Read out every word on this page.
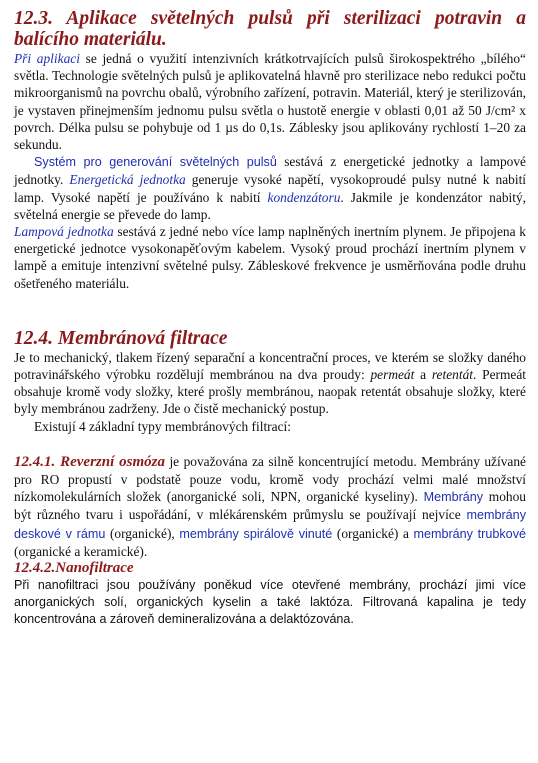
12.3. Aplikace světelných pulsů při sterilizaci potravin a balícího materiálu.

Při aplikaci se jedná o využití intenzivních krátkotrvajících pulsů širokospektrého „bílého“ světla. Technologie světelných pulsů je aplikovatelná hlavně pro sterilizace nebo redukci počtu mikroorganismů na povrchu obalů, výrobního zařízení, potravin. Materiál, který je sterilizován, je vystaven přinejmenším jednomu pulsu světla o hustotě energie v oblasti 0,01 až 50 J/cm² x povrch. Délka pulsu se pohybuje od 1 µs do 0,1s. Záblesky jsou aplikovány rychlostí 1–20 za sekundu.

Systém pro generování světelných pulsů sestává z energetické jednotky a lampové jednotky. Energetická jednotka generuje vysoké napětí, vysokoproudé pulsy nutné k nabití lamp. Vysoké napětí je používáno k nabití kondenzátoru. Jakmile je kondenzátor nabitý, světelná energie se převede do lamp.

Lampová jednotka sestává z jedné nebo více lamp naplněných inertním plynem. Je připojena k energetické jednotce vysokonapěťovým kabelem. Vysoký proud prochází inertním plynem v lampě a emituje intenzivní světelné pulsy. Zábleskové frekvence je usměrňována podle druhu ošetřeného materiálu.

12.4. Membránová filtrace

Je to mechanický, tlakem řízený separační a koncentrační proces, ve kterém se složky daného potravinářského výrobku rozdělují membránou na dva proudy: permeát a retentát. Permeát obsahuje kromě vody složky, které prošly membránou, naopak retentát obsahuje složky, které byly membránou zadrženy. Jde o čistě mechanický postup.

Existují 4 základní typy membránových filtrací:

12.4.1. Reverzní osmóza je považována za silně koncentrující metodu. Membrány užívané pro RO propustí v podstatě pouze vodu, kromě vody prochází velmi malé množství nízkomolekulárních složek (anorganické soli, NPN, organické kyseliny). Membrány mohou být různého tvaru i uspořádání, v mlékárenském průmyslu se používají nejvíce membrány deskové v rámu (organické), membrány spirálově vinuté (organické) a membrány trubkové (organické a keramické).

12.4.2.Nanofiltrace

Při nanofiltraci jsou používány poněkud více otevřené membrány, prochází jimi více anorganických solí, organických kyselin a také laktóza. Filtrovaná kapalina je tedy koncentrována a zároveň demineralizována a delaktózována.
